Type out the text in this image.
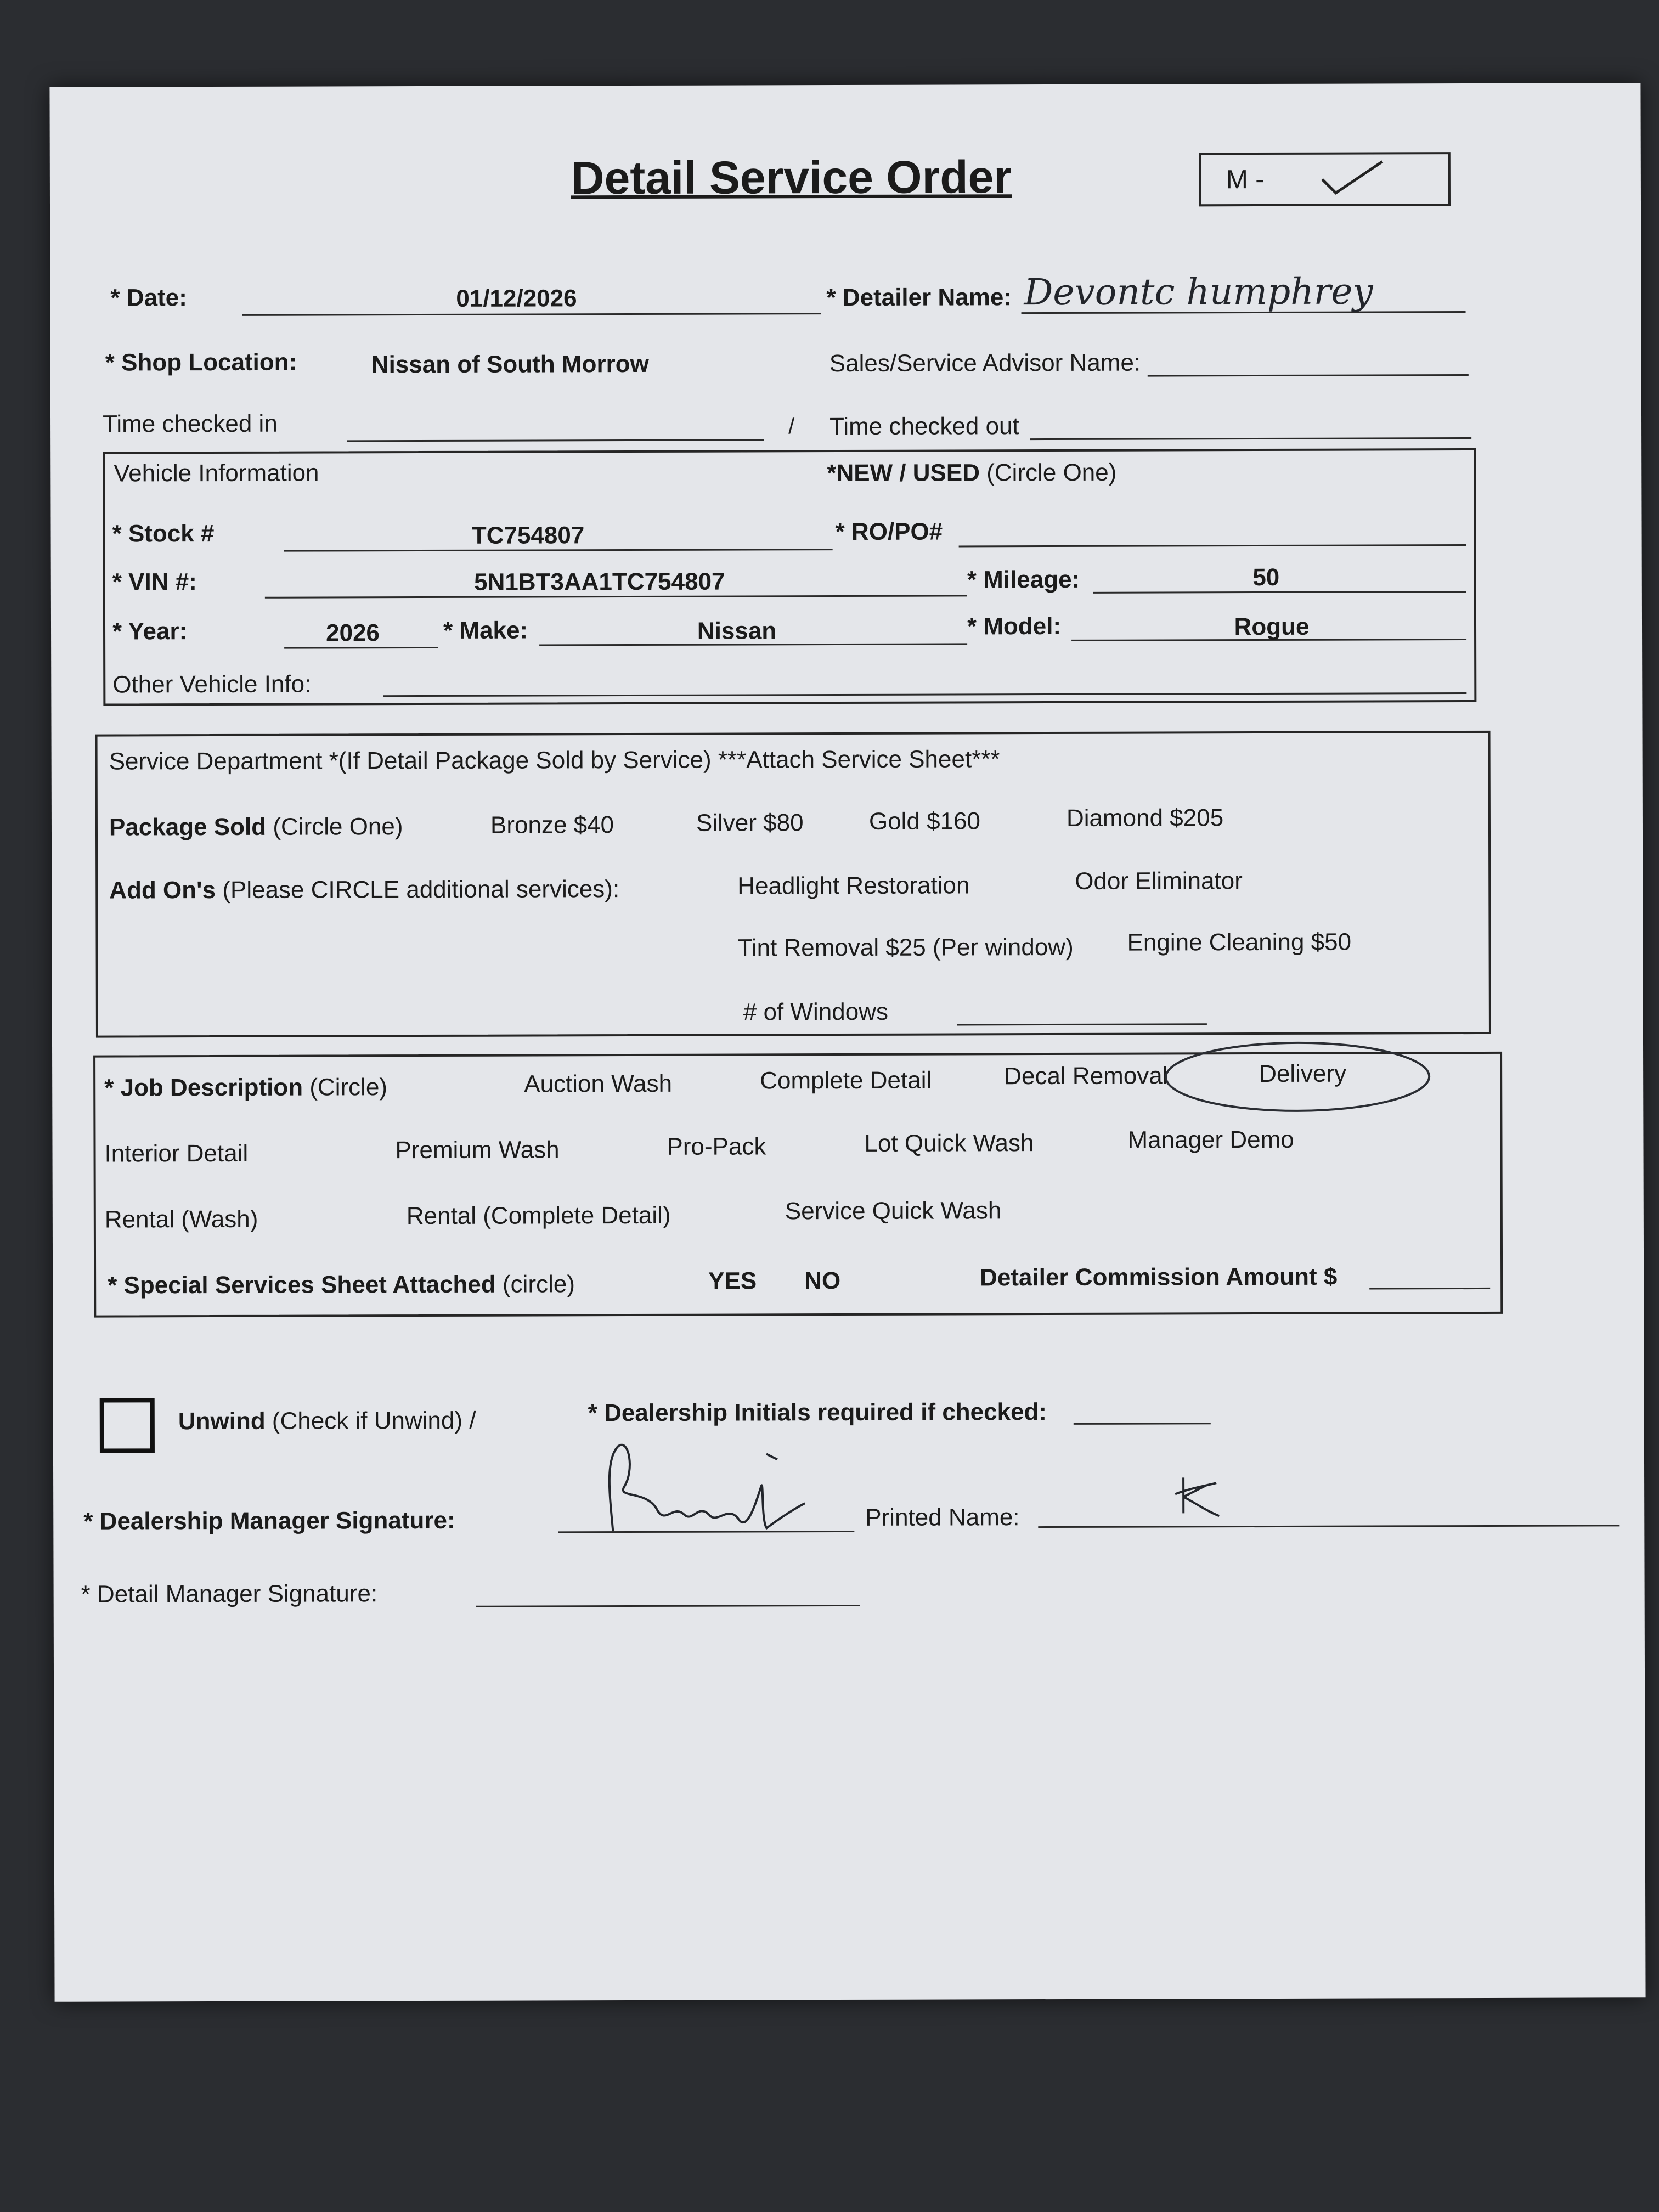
Detail Service Order	M -
* Date:	01/12/2026	* Detailer Name: Devontc humphrey
* Shop Location:	Nissan of South Morrow	Sales/Service Advisor Name:
Time checked in	/ Time checked out
Vehicle Information	*NEW / USED (Circle One)
* Stock #	TC754807	* RO/PO#
* VIN #:	5N1BT3AA1TC754807	* Mileage:	50
* Year:	2026	* Make:	Nissan	* Model:	Rogue
Other Vehicle Info:
Service Department *(If Detail Package Sold by Service) ***Attach Service Sheet***
Package Sold (Circle One)	Bronze $40	Silver $80	Gold $160	Diamond $205
Add On's (Please CIRCLE additional services):	Headlight Restoration	Odor Eliminator
Tint Removal $25 (Per window) Engine Cleaning $50
# of Windows
* Job Description (Circle)	Auction Wash	Complete Detail	Decal Removal	Delivery
Interior Detail	Premium Wash	Pro-Pack	Lot Quick Wash	Manager Demo
Rental (Wash)	Rental (Complete Detail)	Service Quick Wash
* Special Services Sheet Attached (circle)	YES NO	Detailer Commission Amount $
Unwind (Check if Unwind) /	* Dealership Initials required if checked:
* Dealership Manager Signature:	Printed Name:
* Detail Manager Signature:
